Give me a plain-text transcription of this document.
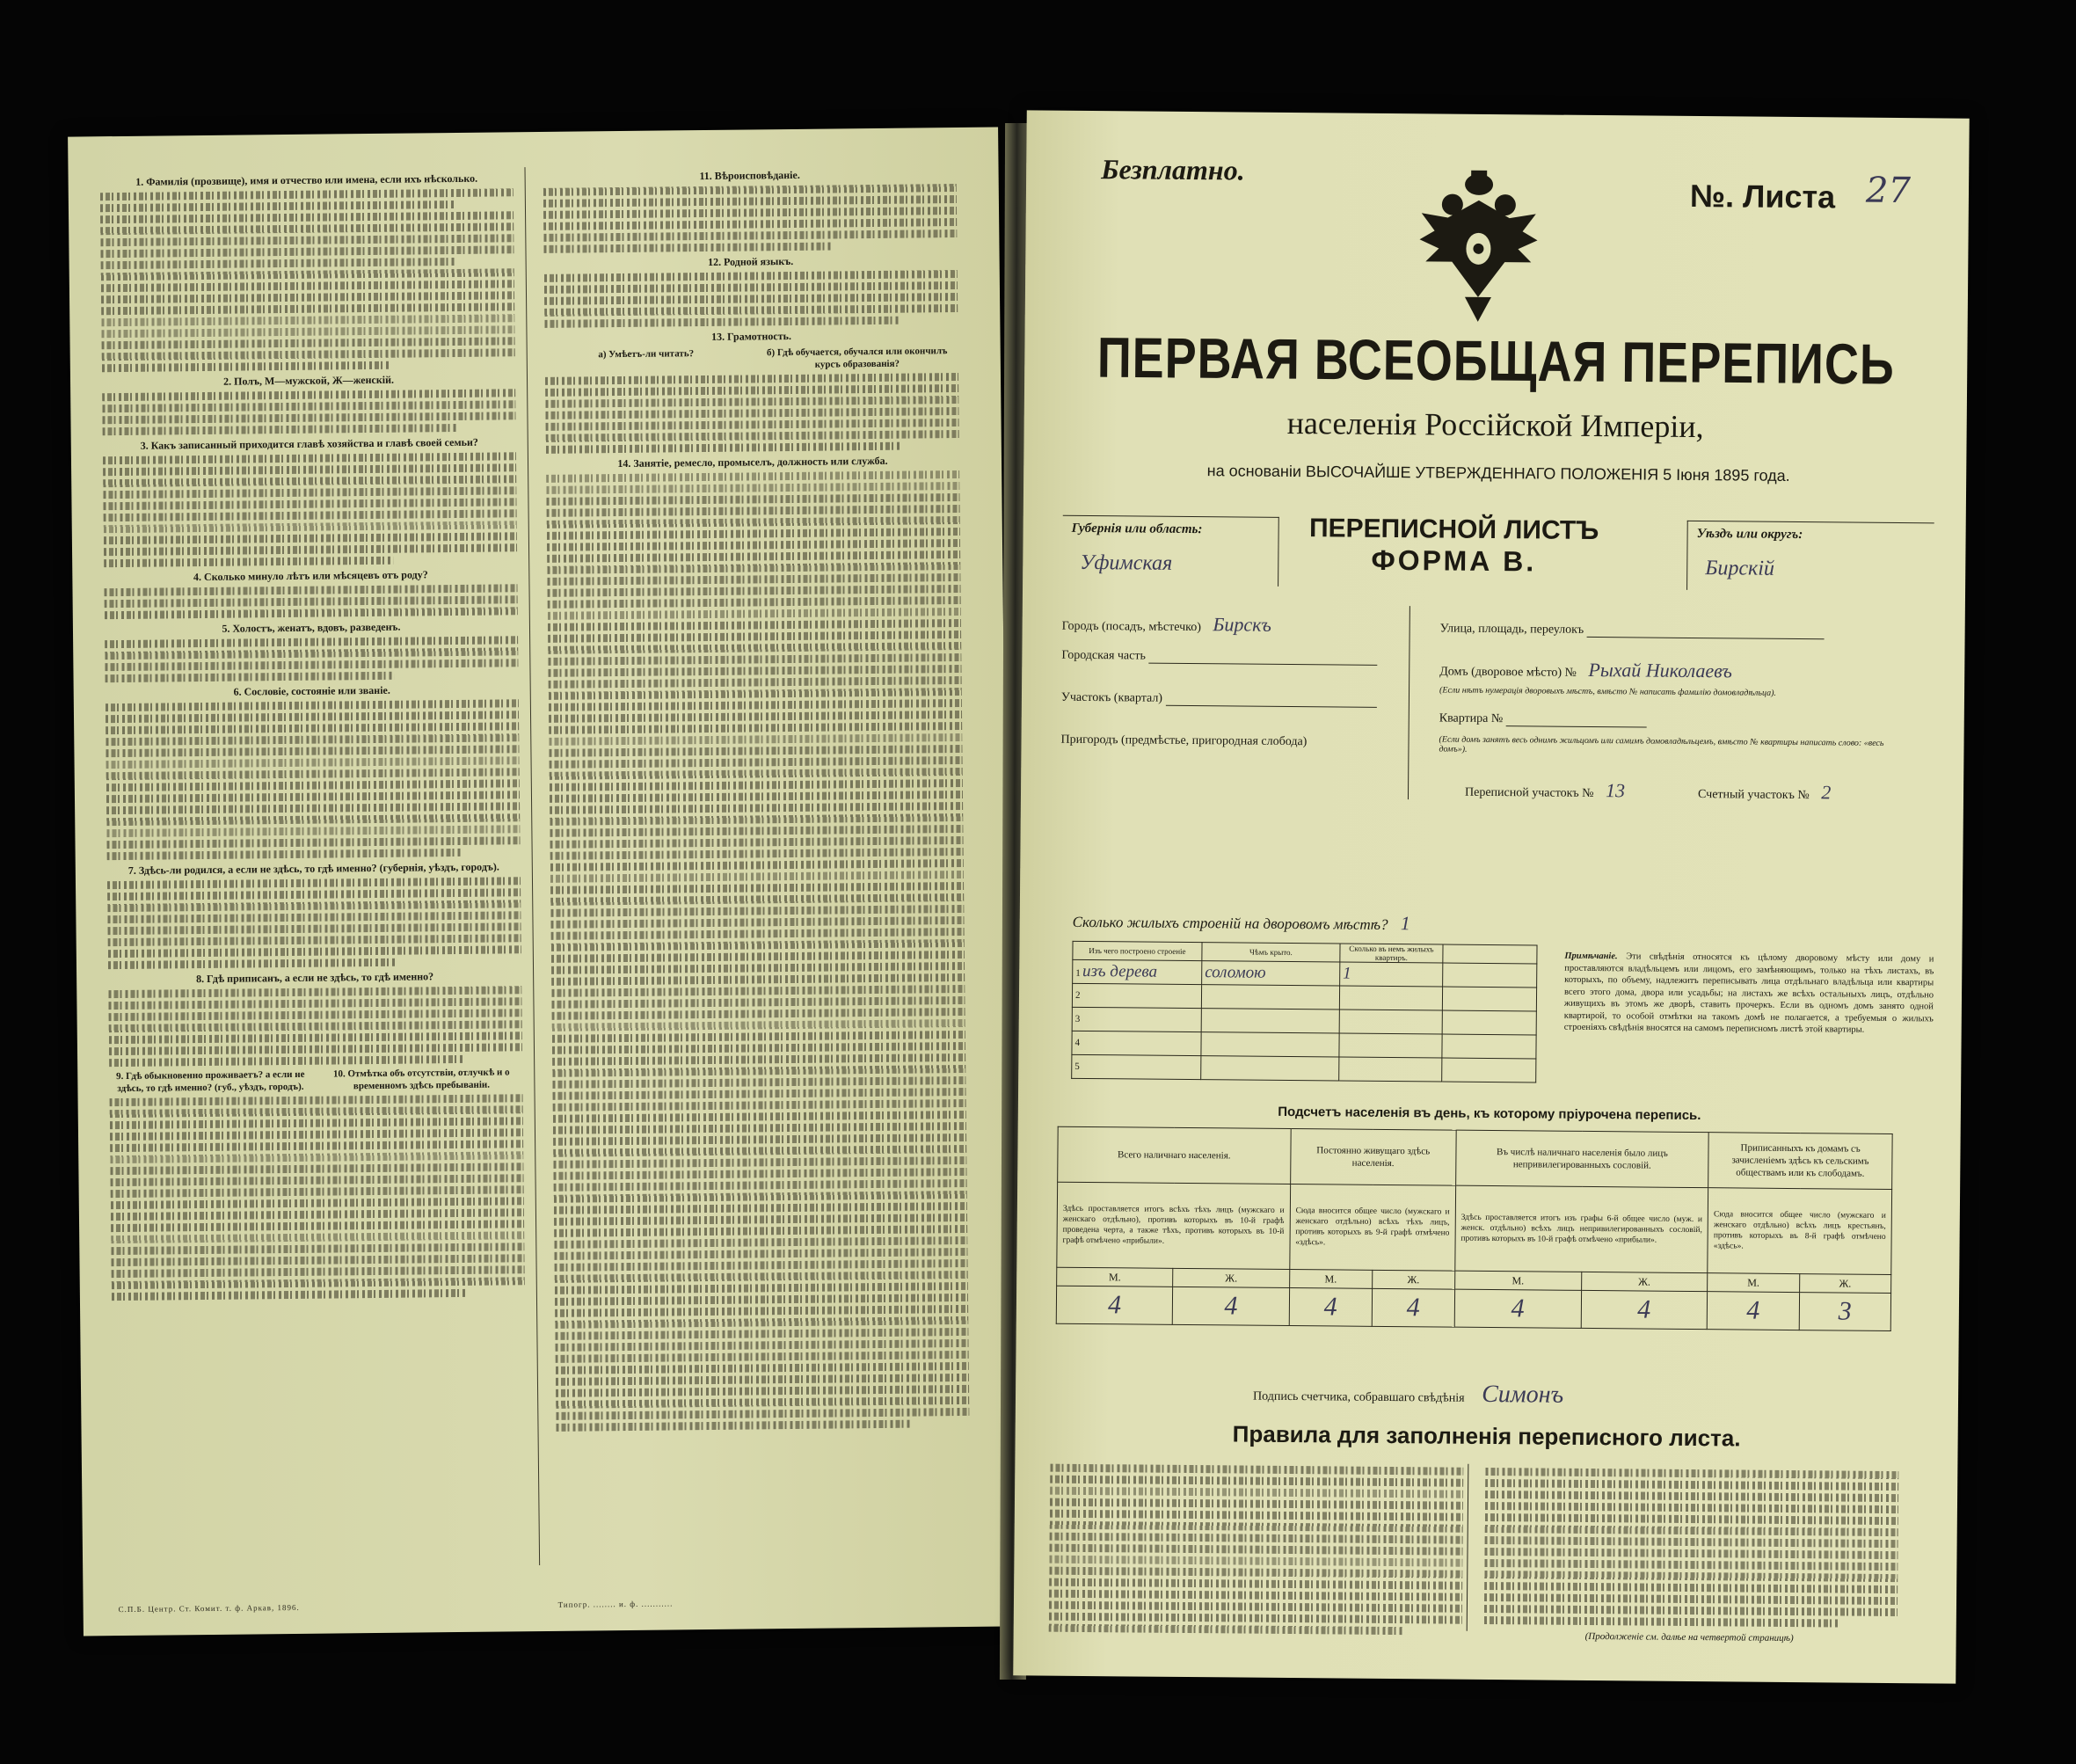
1. Фамилія (прозвище), имя и отчество или имена, если ихъ нѣсколько.
2. Полъ, М—мужской, Ж—женскій.
3. Какъ записанный приходится главѣ хозяйства и главѣ своей семьи?
4. Сколько минуло лѣтъ или мѣсяцевъ отъ роду?
5. Холостъ, женатъ, вдовъ, разведенъ.
6. Сословіе, состояніе или званіе.
7. Здѣсь-ли родился, а если не здѣсь, то гдѣ именно? (губернія, уѣздъ, городъ).
8. Гдѣ приписанъ, а если не здѣсь, то гдѣ именно?
9. Гдѣ обыкновенно проживаетъ? а если не здѣсь, то гдѣ именно? (губ., уѣздъ, городъ).
10. Отмѣтка объ отсутствіи, отлучкѣ и о временномъ здѣсь пребываніи.
11. Вѣроисповѣданіе.
12. Родной языкъ.
13. Грамотность.
а) Умѣетъ-ли читать?	б) Гдѣ обучается, обучался или окончилъ курсъ образованія?
14. Занятіе, ремесло, промыселъ, должность или служба.
С.П.Б. Центр. Ст. Комит. т. ф. Аркав, 1896.	Типогр. ........ и. ф. ...........
Безплатно.
№. Листа 27
ПЕРВАЯ ВСЕОБЩАЯ ПЕРЕПИСЬ
населенія Россійской Имперіи,
на основаніи ВЫСОЧАЙШЕ УТВЕРЖДЕННАГО ПОЛОЖЕНІЯ 5 Іюня 1895 года.
Губернія или область:
Уфимская
Уѣздъ или округъ:
Бирскій
ПЕРЕПИСНОЙ ЛИСТЪ
ФОРМА В.
Городъ (посадъ, мѣстечко) Бирскъ
Городская часть
Участокъ (квартал)
Пригородъ (предмѣстье, пригородная слобода)
Улица, площадь, переулокъ
Домъ (дворовое мѣсто) № Рыхай Николаевъ
(Если нѣтъ нумерація дворовыхъ мѣстъ, вмѣсто № написать фамилію домовладѣльца).
Квартира №
(Если домъ занятъ весь однимъ жильцомъ или самимъ домовладѣльцемъ, вмѣсто № квартиры написать слово: «весь домъ»).
Переписной участокъ № 13	Счетный участокъ № 2
Сколько жилыхъ строеній на дворовомъ мѣстѣ? 1
Изъ чего построено строеніе	Чѣмъ крыто.	Сколько въ немъ жилыхъ квартиръ.	
1 изъ дерева	соломою	1	
2			
3			
4			
5			
Примѣчаніе. Эти свѣдѣнія относятся къ цѣлому дворовому мѣсту или дому и проставляются владѣльцемъ или лицомъ, его замѣняющимъ, только на тѣхъ листахъ, въ которыхъ, по объему, надлежитъ переписывать лица отдѣльнаго владѣльца или квартиры всего этого дома, двора или усадьбы; на листахъ же всѣхъ остальныхъ лицъ, отдѣльно живущихъ въ этомъ же дворѣ, ставить прочеркъ. Если въ одномъ домъ занято одной квартирой, то особой отмѣтки на такомъ домѣ не полагается, а требуемыя о жилыхъ строеніяхъ свѣдѣнія вносятся на самомъ переписномъ листѣ этой квартиры.
Подсчетъ населенія въ день, къ которому пріурочена перепись.
Всего наличнаго населенія.		Постоянно живущаго здѣсь населенія.		Въ числѣ наличнаго населенія было лицъ непривилегированныхъ сословій.		Приписанныхъ къ домамъ съ зачисленіемъ здѣсь къ сельскимъ обществамъ или къ слободамъ.	
Здѣсь проставляется итогъ всѣхъ тѣхъ лицъ (мужскаго и женскаго отдѣльно), противъ которыхъ въ 10-й графѣ проведена черта, а также тѣхъ, противъ которыхъ въ 10-й графѣ отмѣчено «прибыли».		Сюда вносится общее число (мужскаго и женскаго отдѣльно) всѣхъ тѣхъ лицъ, противъ которыхъ въ 9-й графѣ отмѣчено «здѣсь».		Здѣсь проставляется итогъ изъ графы 6-й общее число (муж. и женск. отдѣльно) всѣхъ лицъ непривилегированныхъ сословій, противъ которыхъ въ 10-й графѣ отмѣчено «прибыли».		Сюда вносится общее число (мужскаго и женскаго отдѣльно) всѣхъ лицъ крестьянъ, противъ которыхъ въ 8-й графѣ отмѣчено «здѣсь».	
М.	Ж.	М.	Ж.	М.	Ж.	М.	Ж.
4	4	4	4	4	4	4	3
Подпись счетчика, собравшаго свѣдѣнія Симонъ
Правила для заполненія переписного листа.
(Продолженіе см. далѣе на четвертой страницѣ)
